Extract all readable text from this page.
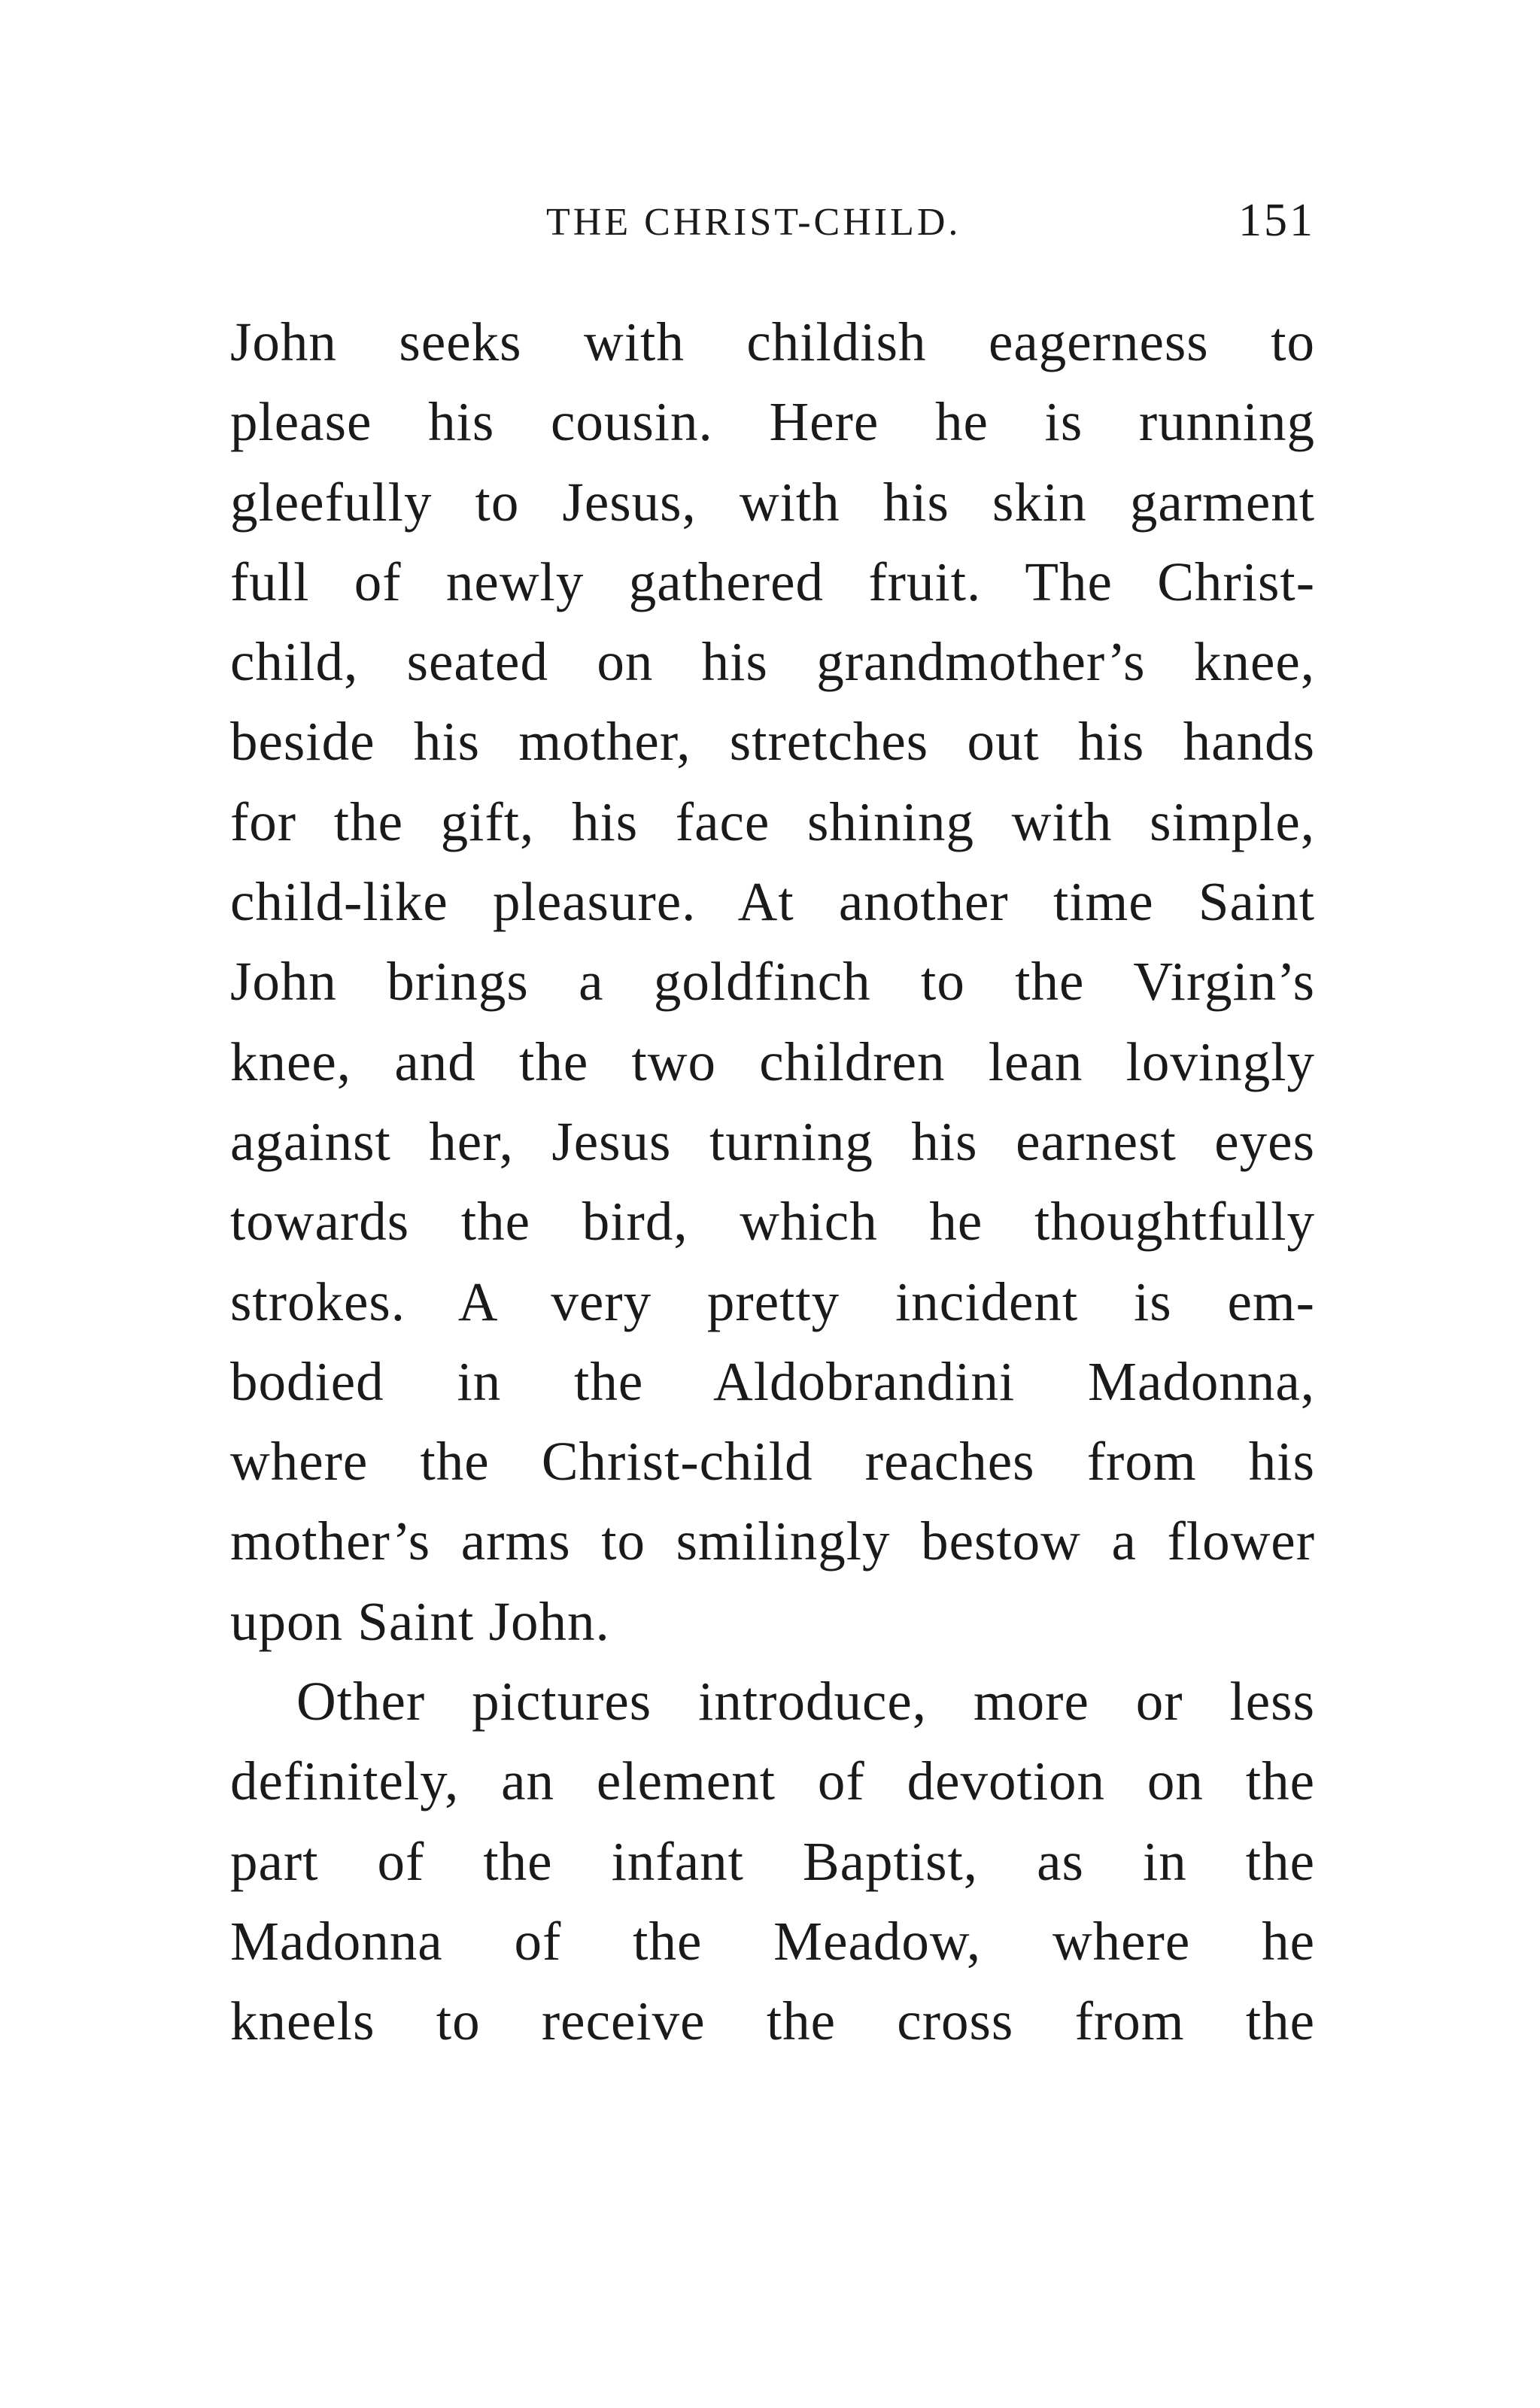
THE CHRIST-CHILD.	151
John seeks with childish eagerness to
please his cousin. Here he is running
gleefully to Jesus, with his skin garment
full of newly gathered fruit. The Christ-
child, seated on his grandmother’s knee,
beside his mother, stretches out his hands
for the gift, his face shining with simple,
child-like pleasure. At another time Saint
John brings a goldfinch to the Virgin’s
knee, and the two children lean lovingly
against her, Jesus turning his earnest eyes
towards the bird, which he thoughtfully
strokes. A very pretty incident is em-
bodied in the Aldobrandini Madonna,
where the Christ-child reaches from his
mother’s arms to smilingly bestow a flower
upon Saint John.
Other pictures introduce, more or less
definitely, an element of devotion on the
part of the infant Baptist, as in the
Madonna of the Meadow, where he
kneels to receive the cross from the
